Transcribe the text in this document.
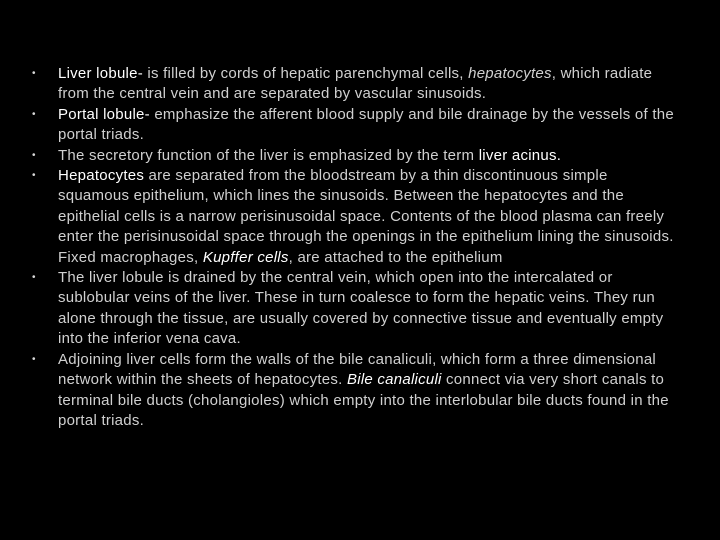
• Liver lobule- is filled by cords of hepatic parenchymal cells, hepatocytes, which radiate from the central vein and are separated by vascular sinusoids.
• Portal lobule- emphasize the afferent blood supply and bile drainage by the vessels of the portal triads.
• The secretory function of the liver is emphasized by the term liver acinus.
• Hepatocytes are separated from the bloodstream by a thin discontinuous simple squamous epithelium, which lines the sinusoids. Between the hepatocytes and the epithelial cells is a narrow perisinusoidal space. Contents of the blood plasma can freely enter the perisinusoidal space through the openings in the epithelium lining the sinusoids. Fixed macrophages, Kupffer cells, are attached to the epithelium
• The liver lobule is drained by the central vein, which open into the intercalated or sublobular veins of the liver. These in turn coalesce to form the hepatic veins. They run alone through the tissue, are usually covered by connective tissue and eventually empty into the inferior vena cava.
• Adjoining liver cells form the walls of the bile canaliculi, which form a three dimensional network within the sheets of hepatocytes. Bile canaliculi connect via very short canals to terminal bile ducts (cholangioles) which empty into the interlobular bile ducts found in the portal triads.
